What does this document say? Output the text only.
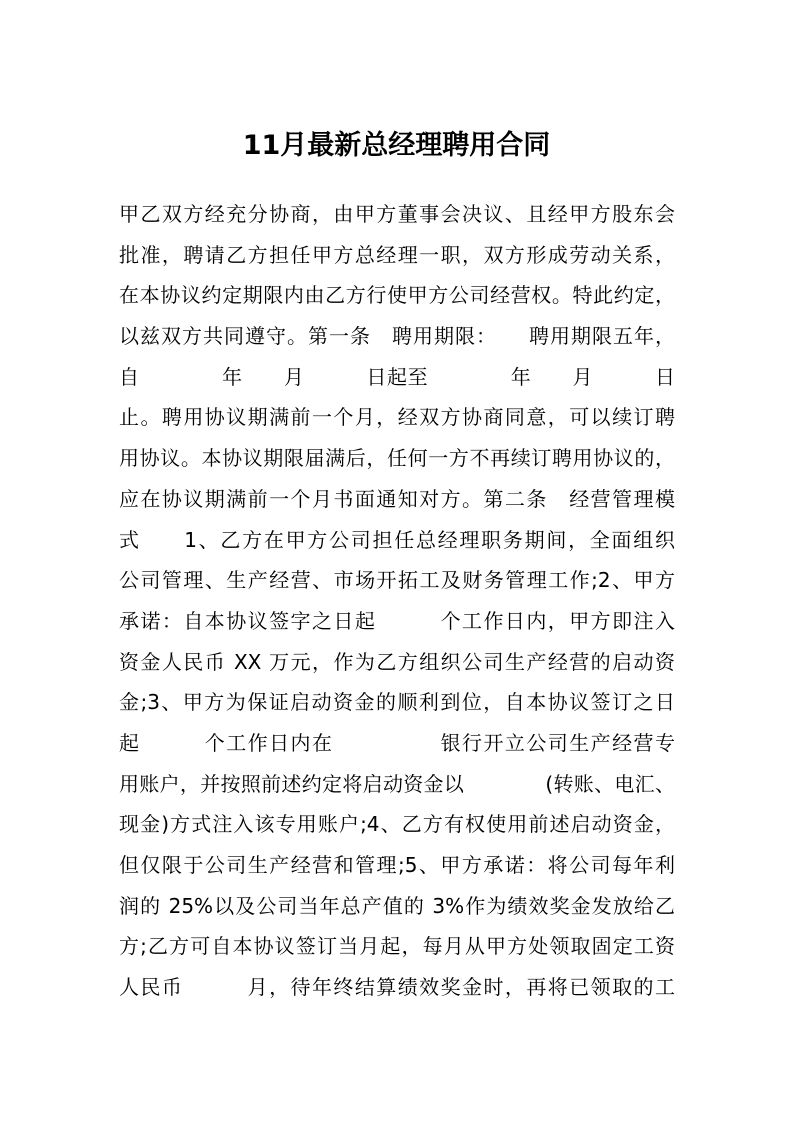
11月最新总经理聘用合同
甲乙双方经充分协商，由甲方董事会决议、且经甲方股东会
批准，聘请乙方担任甲方总经理一职，双方形成劳动关系，
在本协议约定期限内由乙方行使甲方公司经营权。特此约定，
以兹双方共同遵守。第一条　聘用期限：　　聘用期限五年，
自　　　　年　　月　　　日起至　　　　年　　月　　　日
止。聘用协议期满前一个月，经双方协商同意，可以续订聘
用协议。本协议期限届满后，任何一方不再续订聘用协议的，
应在协议期满前一个月书面通知对方。第二条　经营管理模
式　　1、乙方在甲方公司担任总经理职务期间，全面组织
公司管理、生产经营、市场开拓工及财务管理工作;2、甲方
承诺：自本协议签字之日起　　　个工作日内，甲方即注入
资金人民币 XX 万元，作为乙方组织公司生产经营的启动资
金;3、甲方为保证启动资金的顺利到位，自本协议签订之日
起　　　个工作日内在　　　　　银行开立公司生产经营专
用账户，并按照前述约定将启动资金以　　　　(转账、电汇、
现金)方式注入该专用账户;4、乙方有权使用前述启动资金，
但仅限于公司生产经营和管理;5、甲方承诺：将公司每年利
润的 25%以及公司当年总产值的 3%作为绩效奖金发放给乙
方;乙方可自本协议签订当月起，每月从甲方处领取固定工资
人民币　　　月，待年终结算绩效奖金时，再将已领取的工
